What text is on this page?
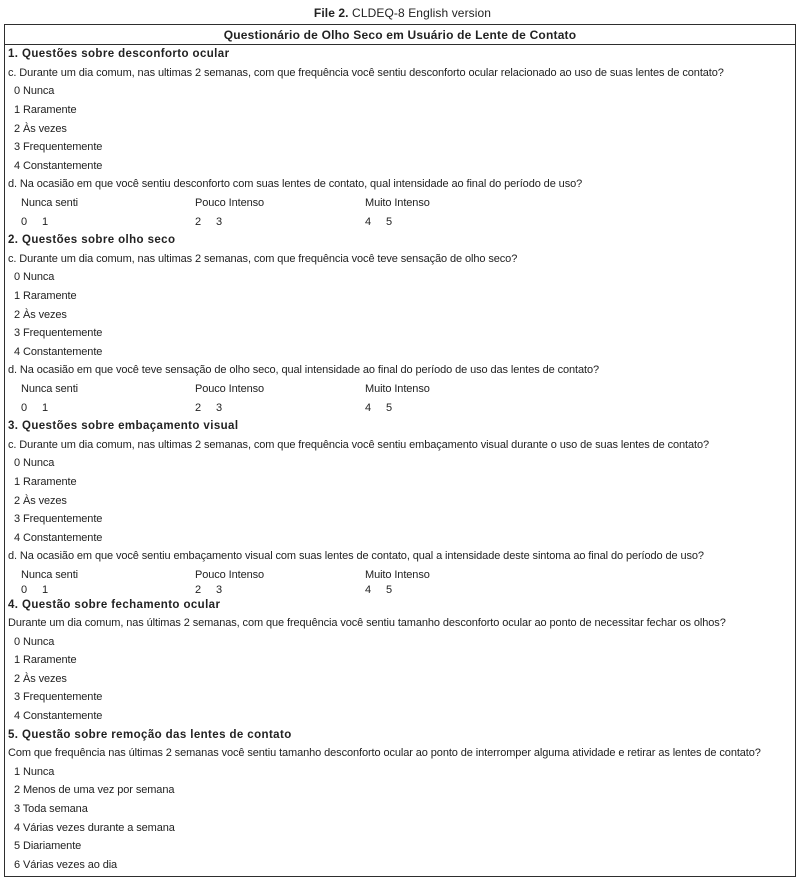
File 2. CLDEQ-8 English version
Questionário de Olho Seco em Usuário de Lente de Contato
1. Questões sobre desconforto ocular
c. Durante um dia comum, nas ultimas 2 semanas, com que frequência você sentiu desconforto ocular relacionado ao uso de suas lentes de contato?
0 Nunca
1 Raramente
2 Às vezes
3 Frequentemente
4 Constantemente
d. Na ocasião em que você sentiu desconforto com suas lentes de contato, qual intensidade ao final do período de uso?
Nunca senti	Pouco Intenso	Muito Intenso
0 1	2 3	4 5
2. Questões sobre olho seco
c. Durante um dia comum, nas ultimas 2 semanas, com que frequência você teve sensação de olho seco?
0 Nunca
1 Raramente
2 Às vezes
3 Frequentemente
4 Constantemente
d. Na ocasião em que você teve sensação de olho seco, qual intensidade ao final do período de uso das lentes de contato?
Nunca senti	Pouco Intenso	Muito Intenso
0 1	2 3	4 5
3. Questões sobre embaçamento visual
c. Durante um dia comum, nas ultimas 2 semanas, com que frequência você sentiu embaçamento visual durante o uso de suas lentes de contato?
0 Nunca
1 Raramente
2 Às vezes
3 Frequentemente
4 Constantemente
d. Na ocasião em que você sentiu embaçamento visual com suas lentes de contato, qual a intensidade deste sintoma ao final do período de uso?
Nunca senti	Pouco Intenso	Muito Intenso
0 1	2 3	4 5
4. Questão sobre fechamento ocular
Durante um dia comum, nas últimas 2 semanas, com que frequência você sentiu tamanho desconforto ocular ao ponto de necessitar fechar os olhos?
0 Nunca
1 Raramente
2 Às vezes
3 Frequentemente
4 Constantemente
5. Questão sobre remoção das lentes de contato
Com que frequência nas últimas 2 semanas você sentiu tamanho desconforto ocular ao ponto de interromper alguma atividade e retirar as lentes de contato?
1 Nunca
2 Menos de uma vez por semana
3 Toda semana
4 Várias vezes durante a semana
5 Diariamente
6 Várias vezes ao dia
